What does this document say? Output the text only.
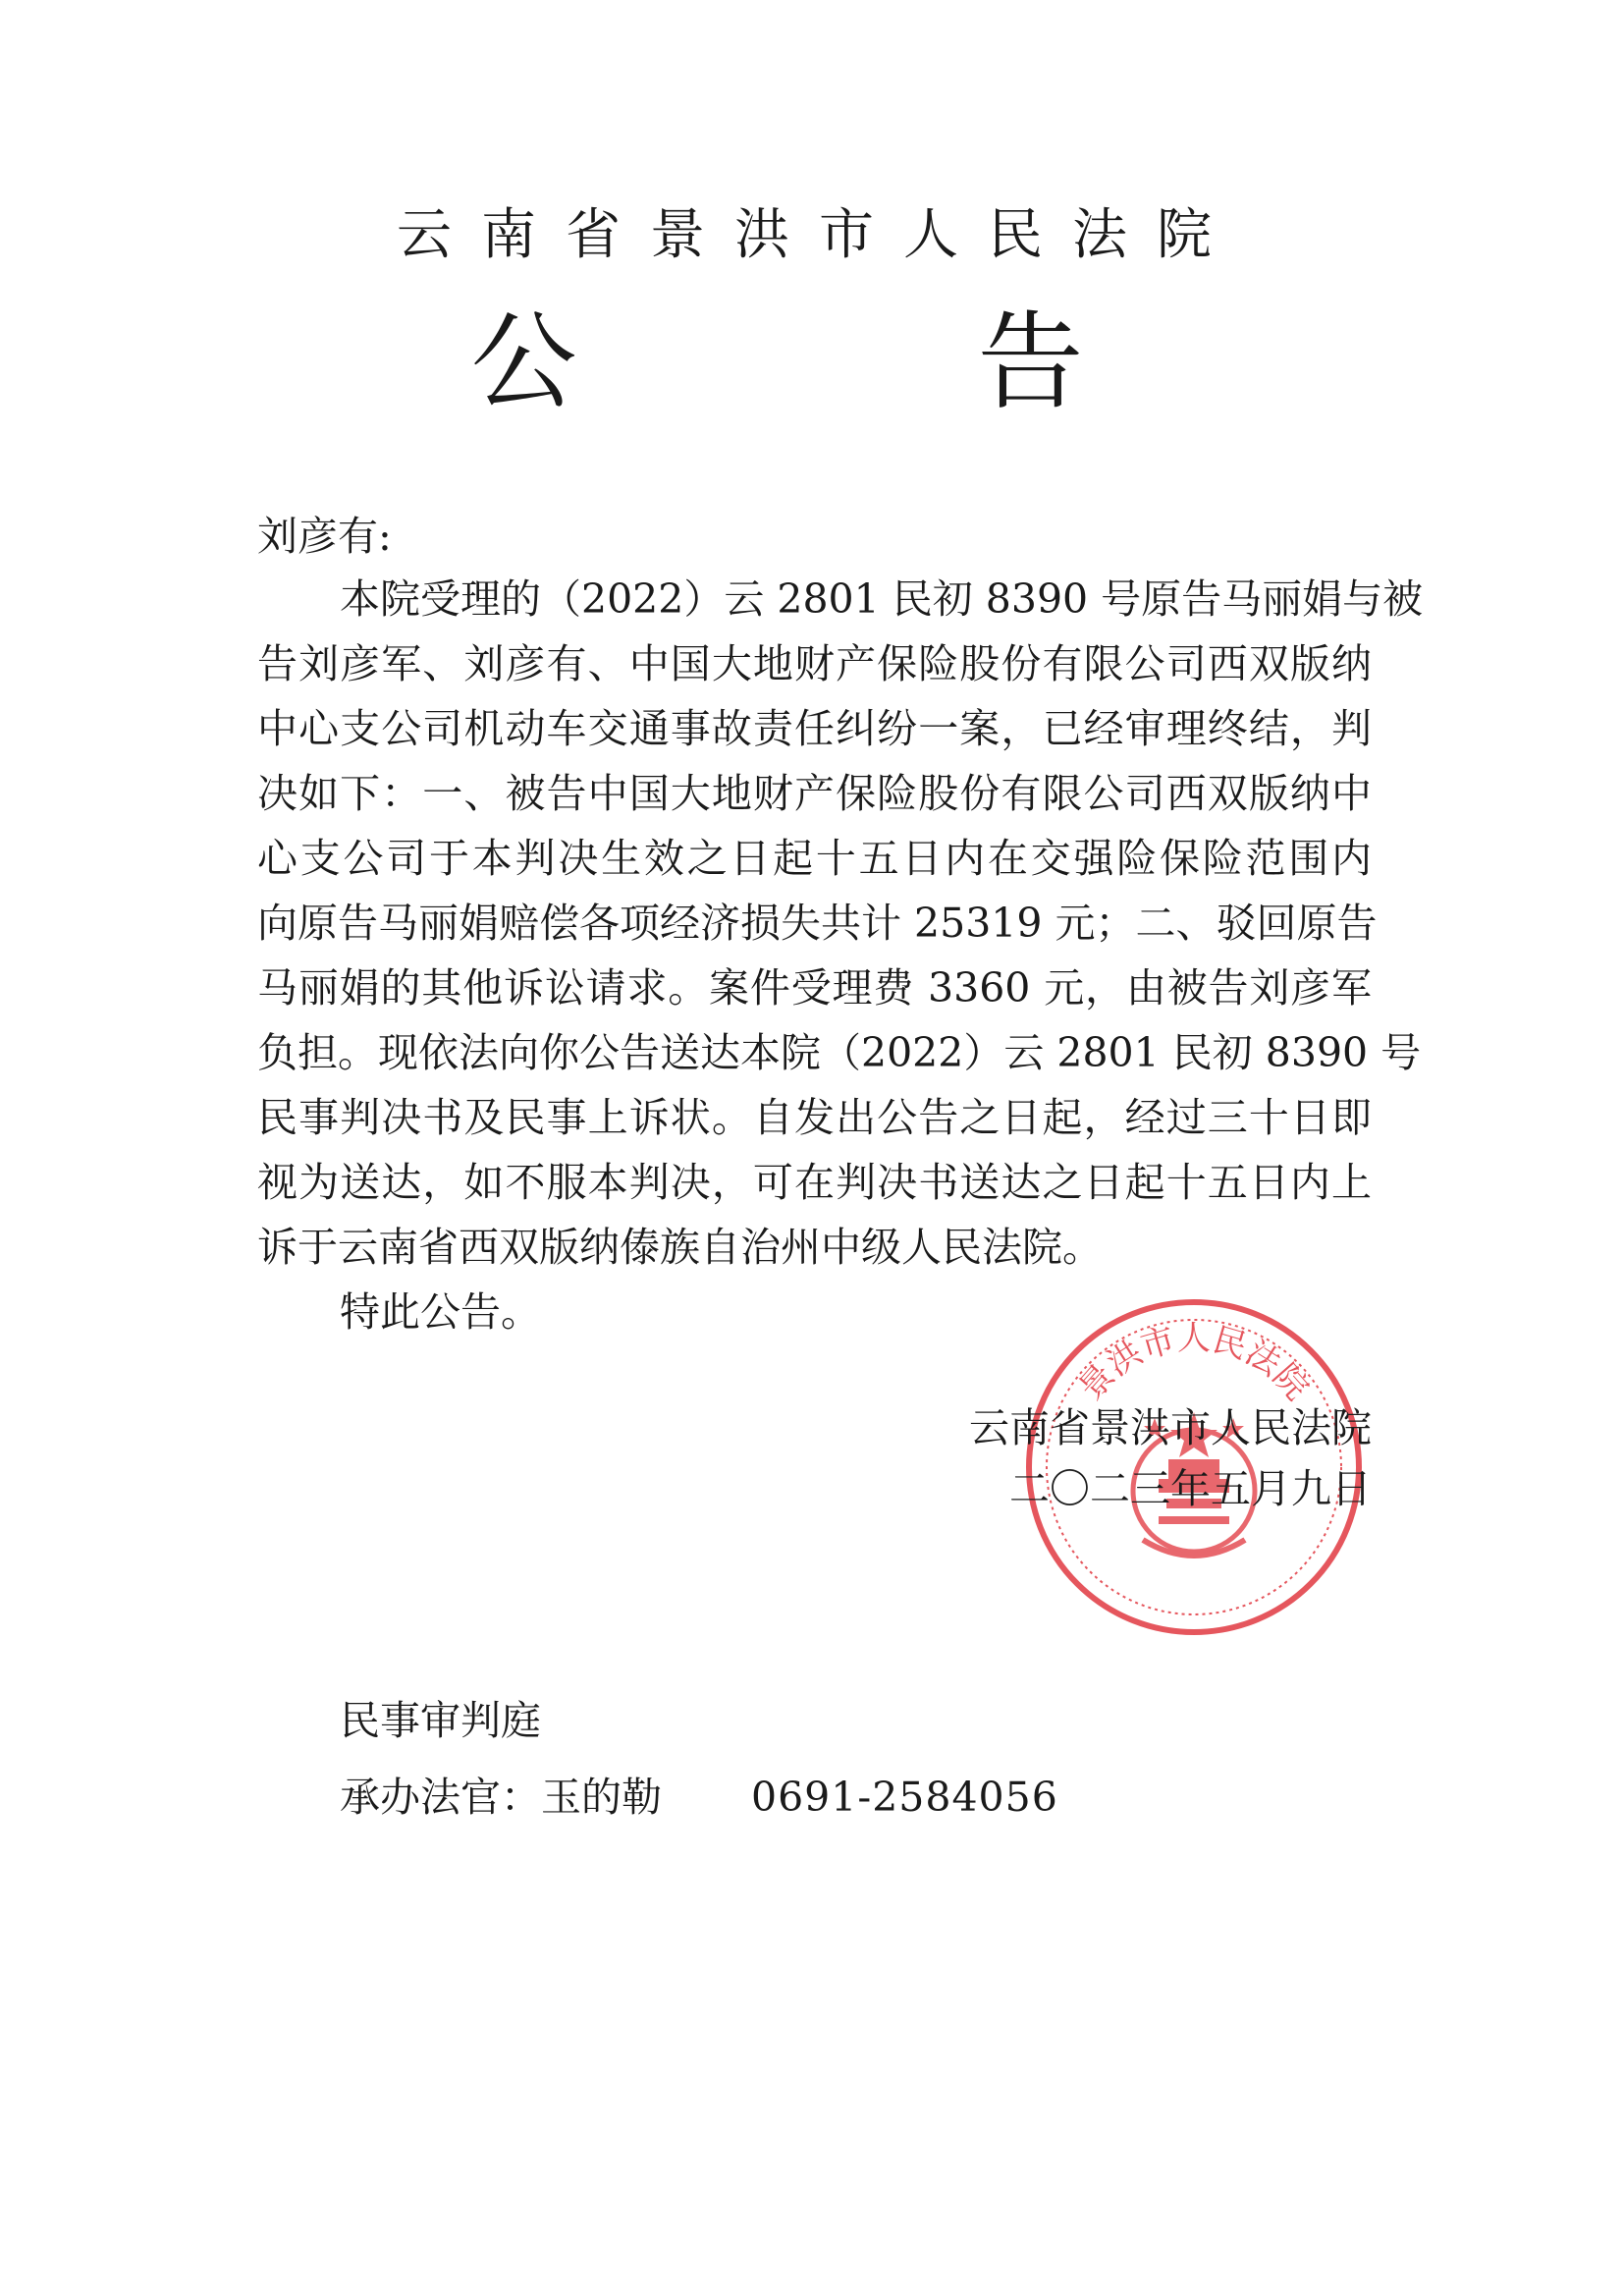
云南省景洪市人民法院
公　告
刘彦有:
本院受理的（2022）云 2801 民初 8390 号原告马丽娟与被
告刘彦军、刘彦有、中国大地财产保险股份有限公司西双版纳
中心支公司机动车交通事故责任纠纷一案，已经审理终结，判
决如下：一、被告中国大地财产保险股份有限公司西双版纳中
心支公司于本判决生效之日起十五日内在交强险保险范围内
向原告马丽娟赔偿各项经济损失共计 25319 元；二、驳回原告
马丽娟的其他诉讼请求。案件受理费 3360 元，由被告刘彦军
负担。现依法向你公告送达本院（2022）云 2801 民初 8390 号
民事判决书及民事上诉状。自发出公告之日起，经过三十日即
视为送达，如不服本判决，可在判决书送达之日起十五日内上
诉于云南省西双版纳傣族自治州中级人民法院。
特此公告。
景洪市人民法院
云南省景洪市人民法院
二〇二三年五月九日
民事审判庭
承办法官：玉的勒 0691-2584056
